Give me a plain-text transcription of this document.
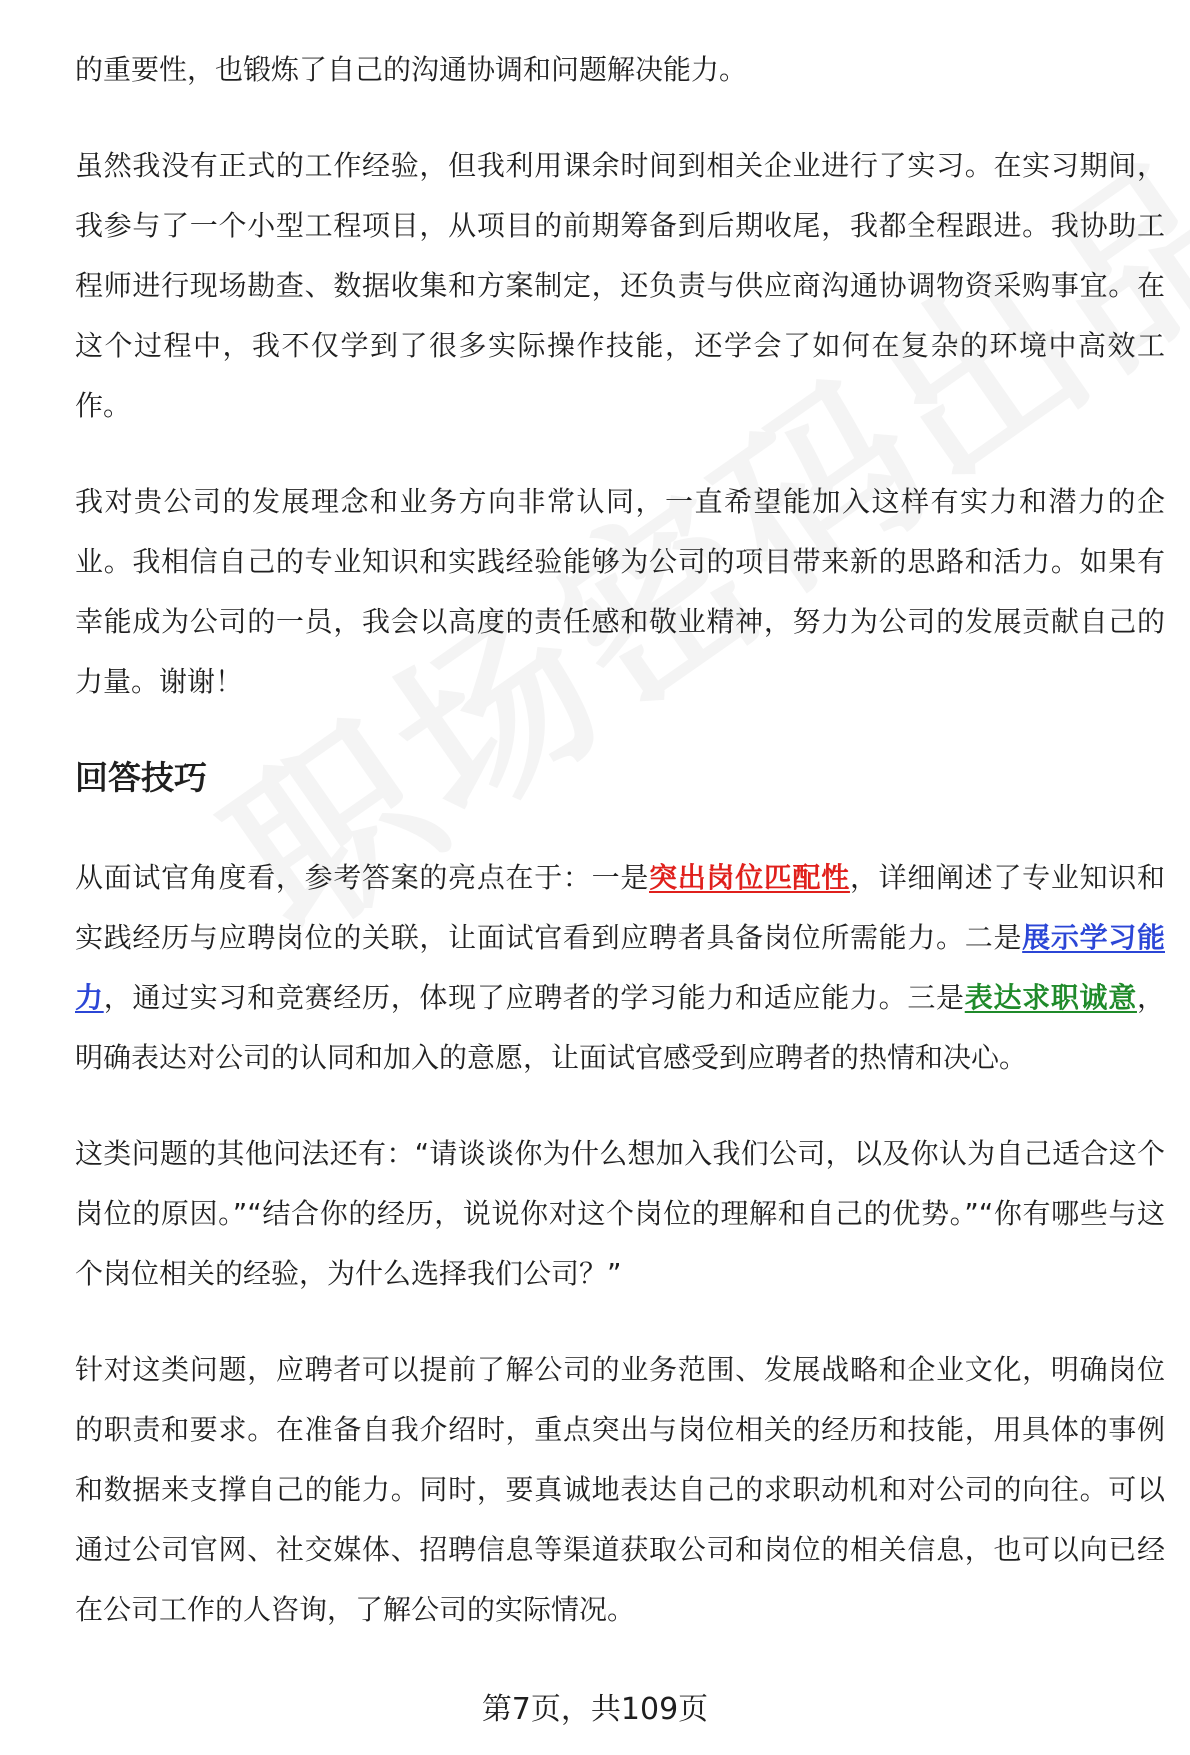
的重要性，也锻炼了自己的沟通协调和问题解决能力。

虽然我没有正式的工作经验，但我利用课余时间到相关企业进行了实习。在实习期间，我参与了一个小型工程项目，从项目的前期筹备到后期收尾，我都全程跟进。我协助工程师进行现场勘查、数据收集和方案制定，还负责与供应商沟通协调物资采购事宜。在这个过程中，我不仅学到了很多实际操作技能，还学会了如何在复杂的环境中高效工作。

我对贵公司的发展理念和业务方向非常认同，一直希望能加入这样有实力和潜力的企业。我相信自己的专业知识和实践经验能够为公司的项目带来新的思路和活力。如果有幸能成为公司的一员，我会以高度的责任感和敬业精神，努力为公司的发展贡献自己的力量。谢谢！

回答技巧

从面试官角度看，参考答案的亮点在于：一是突出岗位匹配性，详细阐述了专业知识和实践经历与应聘岗位的关联，让面试官看到应聘者具备岗位所需能力。二是展示学习能力，通过实习和竞赛经历，体现了应聘者的学习能力和适应能力。三是表达求职诚意，明确表达对公司的认同和加入的意愿，让面试官感受到应聘者的热情和决心。

这类问题的其他问法还有：“请谈谈你为什么想加入我们公司，以及你认为自己适合这个岗位的原因。”“结合你的经历，说说你对这个岗位的理解和自己的优势。”“你有哪些与这个岗位相关的经验，为什么选择我们公司？”

针对这类问题，应聘者可以提前了解公司的业务范围、发展战略和企业文化，明确岗位的职责和要求。在准备自我介绍时，重点突出与岗位相关的经历和技能，用具体的事例和数据来支撑自己的能力。同时，要真诚地表达自己的求职动机和对公司的向往。可以通过公司官网、社交媒体、招聘信息等渠道获取公司和岗位的相关信息，也可以向已经在公司工作的人咨询，了解公司的实际情况。

第7页，共109页
